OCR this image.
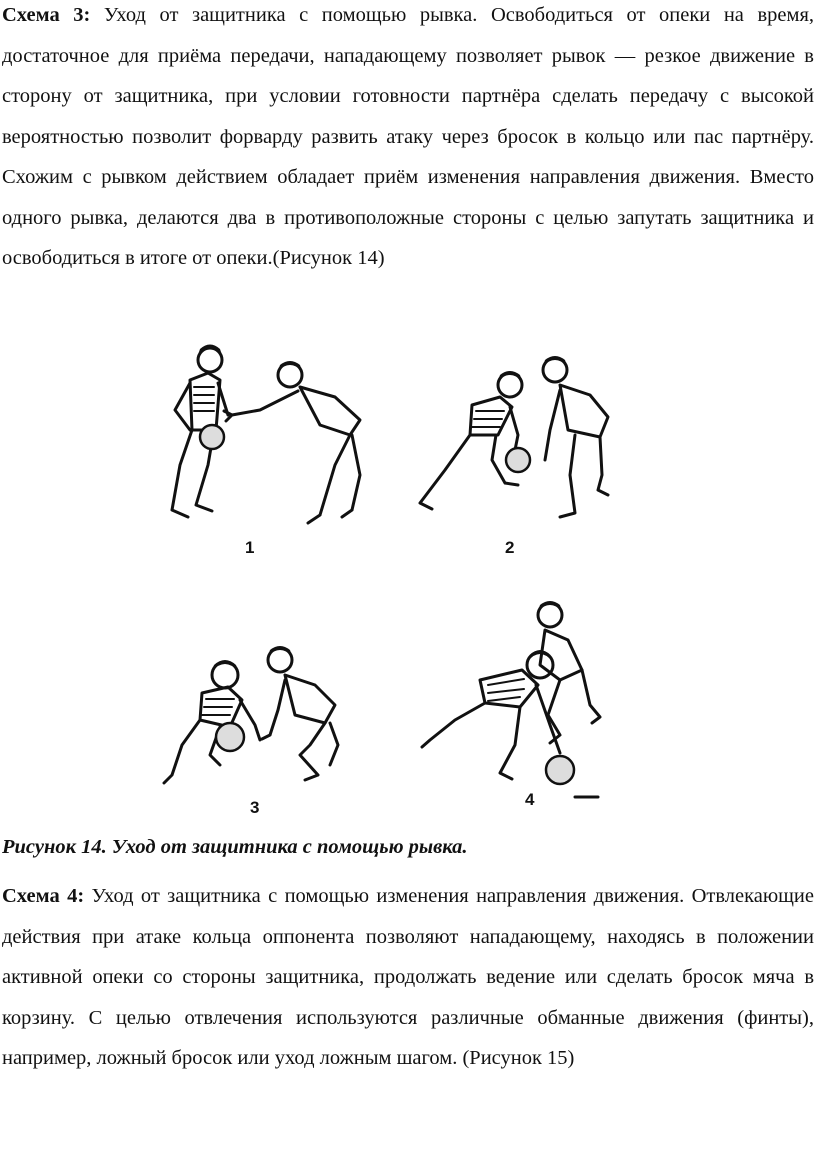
Схема 3: Уход от защитника с помощью рывка. Освободиться от опеки на время, достаточное для приёма передачи, нападающему позволяет рывок — резкое движение в сторону от защитника, при условии готовности партнёра сделать передачу с высокой вероятностью позволит форварду развить атаку через бросок в кольцо или пас партнёру. Схожим с рывком действием обладает приём изменения направления движения. Вместо одного рывка, делаются два в противоположные стороны с целью запутать защитника и освободиться в итоге от опеки.(Рисунок 14)

1	2
3	4

Рисунок 14. Уход от защитника с помощью рывка.

Схема 4: Уход от защитника с помощью изменения направления движения. Отвлекающие действия при атаке кольца оппонента позволяют нападающему, находясь в положении активной опеки со стороны защитника, продолжать ведение или сделать бросок мяча в корзину. С целью отвлечения используются различные обманные движения (финты), например, ложный бросок или уход ложным шагом. (Рисунок 15)
